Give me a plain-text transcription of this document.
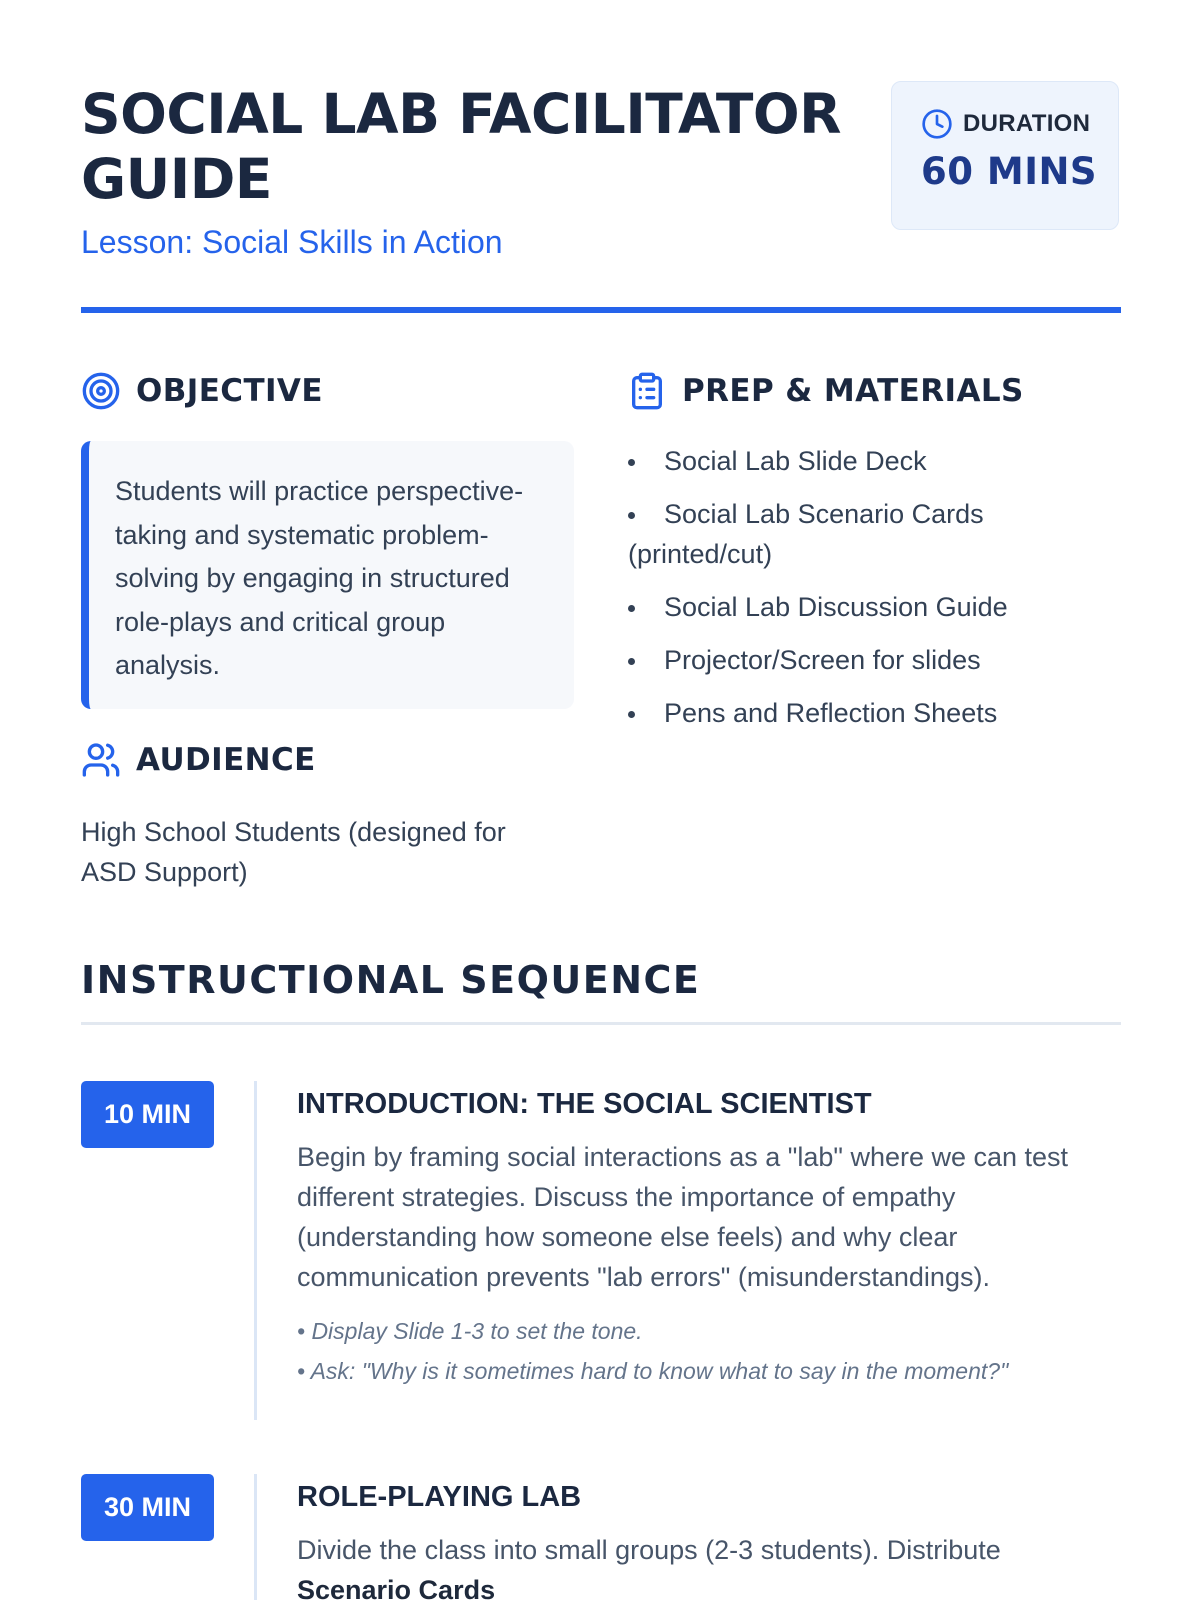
SOCIAL LAB FACILITATOR GUIDE
Lesson: Social Skills in Action
DURATION
60 MINS
OBJECTIVE
Students will practice perspective-taking and systematic problem-solving by engaging in structured role-plays and critical group analysis.
AUDIENCE
High School Students (designed for ASD Support)
PREP & MATERIALS
Social Lab Slide Deck
Social Lab Scenario Cards (printed/cut)
Social Lab Discussion Guide
Projector/Screen for slides
Pens and Reflection Sheets
INSTRUCTIONAL SEQUENCE
10 MIN	INTRODUCTION: THE SOCIAL SCIENTIST
Begin by framing social interactions as a "lab" where we can test different strategies. Discuss the importance of empathy (understanding how someone else feels) and why clear communication prevents "lab errors" (misunderstandings).
• Display Slide 1-3 to set the tone.
• Ask: "Why is it sometimes hard to know what to say in the moment?"
30 MIN	ROLE-PLAYING LAB
Divide the class into small groups (2-3 students). Distribute
Scenario Cards
